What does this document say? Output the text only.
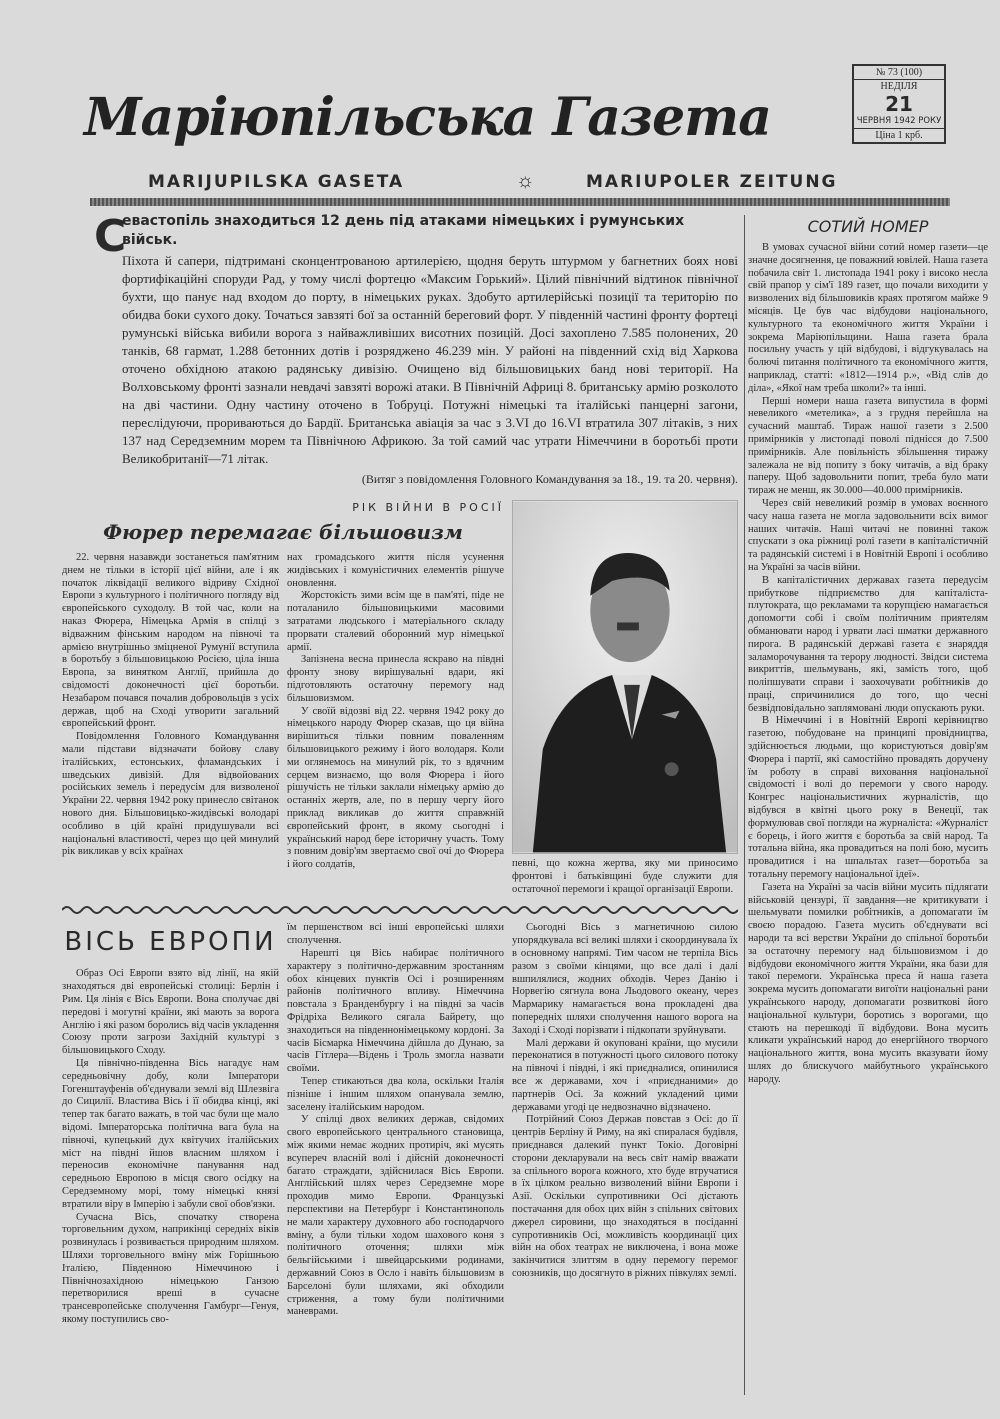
Маріюпільська Газета
MARIJUPILSKA GASETA	☼	MARIUPOLER ZEITUNG
№ 73 (100)
НЕДІЛЯ
21
ЧЕРВНЯ 1942 РОКУ
Ціна 1 крб.
С
евастопіль знаходиться 12 день під атаками німецьких і румунських військ.

Піхота й сапери, підтримані сконцентрованою артилерією, щодня беруть штурмом у багнетних боях нові фортифікаційні споруди Рад, у тому числі фортецю «Максим Горький». Цілий північний відтинок північної бухти, що панує над входом до порту, в німецьких руках. Здобуто артилерійські позиції та територію по обидва боки сухого доку. Точаться завзяті бої за останній береговий форт. У південній частині фронту фортеці румунські війська вибили ворога з найважливіших висотних позицій. Досі захоплено 7.585 полонених, 20 танків, 68 гармат, 1.288 бетонних дотів і розряджено 46.239 мін. У районі на південний схід від Харкова оточено обхідною атакою радянську дивізію. Очищено від більшовицьких банд нові території. На Волховському фронті зазнали невдачі завзяті ворожі атаки. В Північній Африці 8. британську армію розколото на дві частини. Одну частину оточено в Тобруці. Потужні німецькі та італійські панцерні загони, переслідуючи, прориваються до Бардії. Британська авіація за час з 3.VI до 16.VI втратила 307 літаків, з них 137 над Середземним морем та Північною Африкою. За той самий час утрати Німеччини в боротьбі проти Великобританії—71 літак.

(Витяг з повідомлення Головного Командування за 18., 19. та 20. червня).

РІК ВІЙНИ В РОСІЇ
Фюрер перемагає більшовизм

22. червня назавжди зостанеться пам'ятним днем не тільки в історії цієї війни, але і як початок ліквідації великого відриву Східної Европи з культурного і політичного погляду від європейського суходолу. В той час, коли на наказ Фюрера, Німецька Армія в спілці з відважним фінським народом на півночі та армією внутрішньо зміцненої Румунії вступила в боротьбу з більшовицькою Росією, ціла інша Европа, за винятком Англії, прийшла до свідомості доконечності цієї боротьби. Незабаром почався почалив добровольців з усіх держав, щоб на Сході утворити загальний європейський фронт.

Повідомлення Головного Командування мали підстави відзначати бойову славу італійських, естонських, фламандських і шведських дивізій. Для відвойованих російських земель і передусім для визволеної України 22. червня 1942 року принесло світанок нового дня. Більшовицько-жидівські володарі особливо в цій країні придушували всі національні властивості, через що цей минулий рік викликав у всіх країнах

нах громадського життя після усунення жидівських і комуністичних елементів рішуче оновлення.

Жорстокість зими всім ще в пам'яті, піде не поталанило більшовицькими масовими затратами людського і матеріального складу прорвати сталевий оборонний мур німецької армії.

Запізнена весна принесла яскраво на півдні фронту знову вирішувальні вдари, які підготовляють остаточну перемогу над більшовизмом.

У своїй відозві від 22. червня 1942 року до німецького народу Фюрер сказав, що ця війна вирішиться тільки повним поваленням більшовицького режиму і його володаря. Коли ми оглянемось на минулий рік, то з вдячним серцем визнаємо, що воля Фюрера і його рішучість не тільки заклали німецьку армію до останніх жертв, але, по в першу чергу його приклад викликав до життя справжній європейський фронт, в якому сьогодні і український народ бере історичну участь. Тому з повним довір'ям звертаємо свої очі до Фюрера і його солдатів,	певні, що кожна жертва, яку ми приносимо фронтові і батьківщині буде служити для остаточної перемоги і кращої організації Европи.

ВІСЬ ЕВРОПИ

Образ Осі Европи взято від лінії, на якій знаходяться дві европейські столиці: Берлін і Рим. Ця лінія є Вісь Европи. Вона сполучає дві передові і могутні країни, які мають за ворога Англію і які разом боролись від часів укладення Союзу проти загрози Західній культурі з більшовицького Сходу.

Ця північно-південна Вісь нагадує нам середньовічну добу, коли Імператори Гогенштауфенів об'єднували землі від Шлезвіга до Сицилії. Властива Вісь і її обидва кінці, які тепер так багато важать, в той час були ще мало відомі. Імператорська політична вага була на півночі, купецький дух квітучих італійських міст на півдні йшов власним шляхом і переносив економічне панування над середньою Европою в місця свого осідку на Середземному морі, тому німецькі князі втратили віру в Імперію і забули свої обов'язки.

Сучасна Вісь, спочатку створена торговельним духом, наприкінці середніх віків розвинулась і розвивається природним шляхом. Шляхи торговельного вміну між Горішньою Італією, Південною Німеччиною і Північнозахідною німецькою Ганзою перетворилися вреші в сучасне трансевропейське сполучення Гамбург—Генуя, якому поступились сво-

їм першенством всі інші европейські шляхи сполучення.

Нарешті ця Вісь набирає політичного характеру з політично-державним зростанням обох кінцевих пунктів Осі і розширенням районів політичного впливу. Німеччина повстала з Бранденбургу і на півдні за часів Фрідріха Великого сягала Байрету, що знаходиться на південнонімецькому кордоні. За часів Бісмарка Німеччина дійшла до Дунаю, за часів Гітлера—Відень і Троль змогла назвати своїми.

Тепер стикаються два кола, оскільки Італія пізніше і іншим шляхом опанувала землю, заселену італійським народом.

У спілці двох великих держав, свідомих свого европейського центрального становища, між якими немає жодних протиріч, які мусять всупереч власній волі і дійсній доконечності багато страждати, здійснилася Вісь Европи. Англійський шлях через Середземне море проходив мимо Европи. Французькі перспективи на Петербург і Константинополь не мали характеру духовного або господарчого вміну, а були тільки ходом шахового коня з політичного оточення; шляхи між бельгійськими і швейцарськими родинами, державний Союз в Осло і навіть більшовизм в Барселоні були шляхами, які обходили стриження, а тому були політичними маневрами.

Сьогодні Вісь з магнетичною силою упорядкувала всі великі шляхи і скоординувала їх в основному напрямі. Тим часом не терпіла Вісь разом з своїми кінцями, що все далі і далі вшпилялися, жодних обходів. Через Данію і Норвегію сягнула вона Льодового океану, через Мармарику намагається вона прокладені два попередніх шляхи сполучення нашого ворога на Заході і Сході порізвати і підкопати зруйнувати.

Малі держави й окуповані країни, що мусили переконатися в потужності цього силового потоку на півночі і півдні, і які приєдналися, опинилися все ж державами, хоч і «приєднаними» до партнерів Осі. За кожний укладений цими державами угоді це недвозначно відзначено.

Потрійний Союз Держав повстав з Осі: до її центрів Берліну й Риму, на які спиралася будівля, приєднався далекий пункт Токіо. Договірні сторони декларували на весь світ намір вважати за спільного ворога кожного, хто буде втручатися в їх цілком реально визволений війни Европи і Азії. Оскільки супротивники Осі дістають постачання для обох цих війн з спільних світових джерел сировини, що знаходяться в посіданні супротивників Осі, можливість координації цих війн на обох театрах не виключена, і вона може закінчитися злиттям в одну перемогу перемог союзників, що досягнуто в ріжних півкулях землі.

СОТИЙ НОМЕР

В умовах сучасної війни сотий номер газети—це значне досягнення, це поважний ювілей. Наша газета побачила світ 1. листопада 1941 року і високо несла свій прапор у сім'ї 189 газет, що почали виходити у визволених від більшовиків краях протягом майже 9 місяців. Це був час відбудови національного, культурного та економічного життя України і зокрема Маріюпільщини. Наша газета брала посильну участь у цій відбудові, і відгукувалась на болючі питання політичного та економічного життя, наприклад, статті: «1812—1914 р.», «Від слів до діла», «Якої нам треба школи?» та інші.

Перші номери наша газета випустила в формі невеликого «метелика», а з грудня перейшла на сучасний маштаб. Тираж нашої газети з 2.500 примірників у листопаді поволі піднісся до 7.500 примірників. Але повільність збільшення тиражу залежала не від попиту з боку читачів, а від браку паперу. Щоб задовольнити попит, треба було мати тираж не менш, як 30.000—40.000 примірників.

Через свій невеликий розмір в умовах воєнного часу наша газета не могла задовольнити всіх вимог наших читачів. Наші читачі не повинні також спускати з ока ріжниці ролі газети в капіталістичній та радянській системі і в Новітній Европі і особливо на Україні за часів війни.

В капіталістичних державах газета передусім прибуткове підприємство для капіталіста-плутократа, що рекламами та корупцією намагається допомогти собі і своїм політичним приятелям обманювати народ і урвати ласі шматки державного пирога. В радянській державі газета є знаряддя заламорочування та терору людності. Звідси система викриттів, шельмувань, які, замість того, щоб поліпшувати справи і заохочувати робітників до праці, спричинилися до того, що чесні безвідповідально заплямовані люди опускають руки.

В Німеччині і в Новітній Европі керівництво газетою, побудоване на принципі провідництва, здійснюється людьми, що користуються довір'ям Фюрера і партії, які самостійно провадять доручену їм роботу в справі виховання національної свідомості і волі до перемоги у свого народу. Конгрес національистичних журналістів, що відбувся в квітні цього року в Венеції, так формулював свої погляди на журналіста: «Журналіст є борець, і його життя є боротьба за свій народ. Та тотальна війна, яка провадиться на полі бою, мусить провадитися і на шпальтах газет—боротьба за тотальну перемогу національної ідеї».

Газета на Україні за часів війни мусить підлягати військовій цензурі, її завдання—не критикувати і шельмувати помилки робітників, а допомагати їм своєю порадою. Газета мусить об'єднувати всі народи та всі верстви України до спільної боротьби за остаточну перемогу над більшовизмом і до відбудови економічного життя України, яка бази для такої перемоги. Українська преса й наша газета зокрема мусить допомагати вигоїти національні рани українського народу, допомагати розвиткові його національної культури, боротись з ворогами, що стають на перешкоді її відбудови. Вона мусить кликати український народ до енергійного творчого національного життя, вона мусить вказувати йому шлях до блискучого майбутнього українського народу.
